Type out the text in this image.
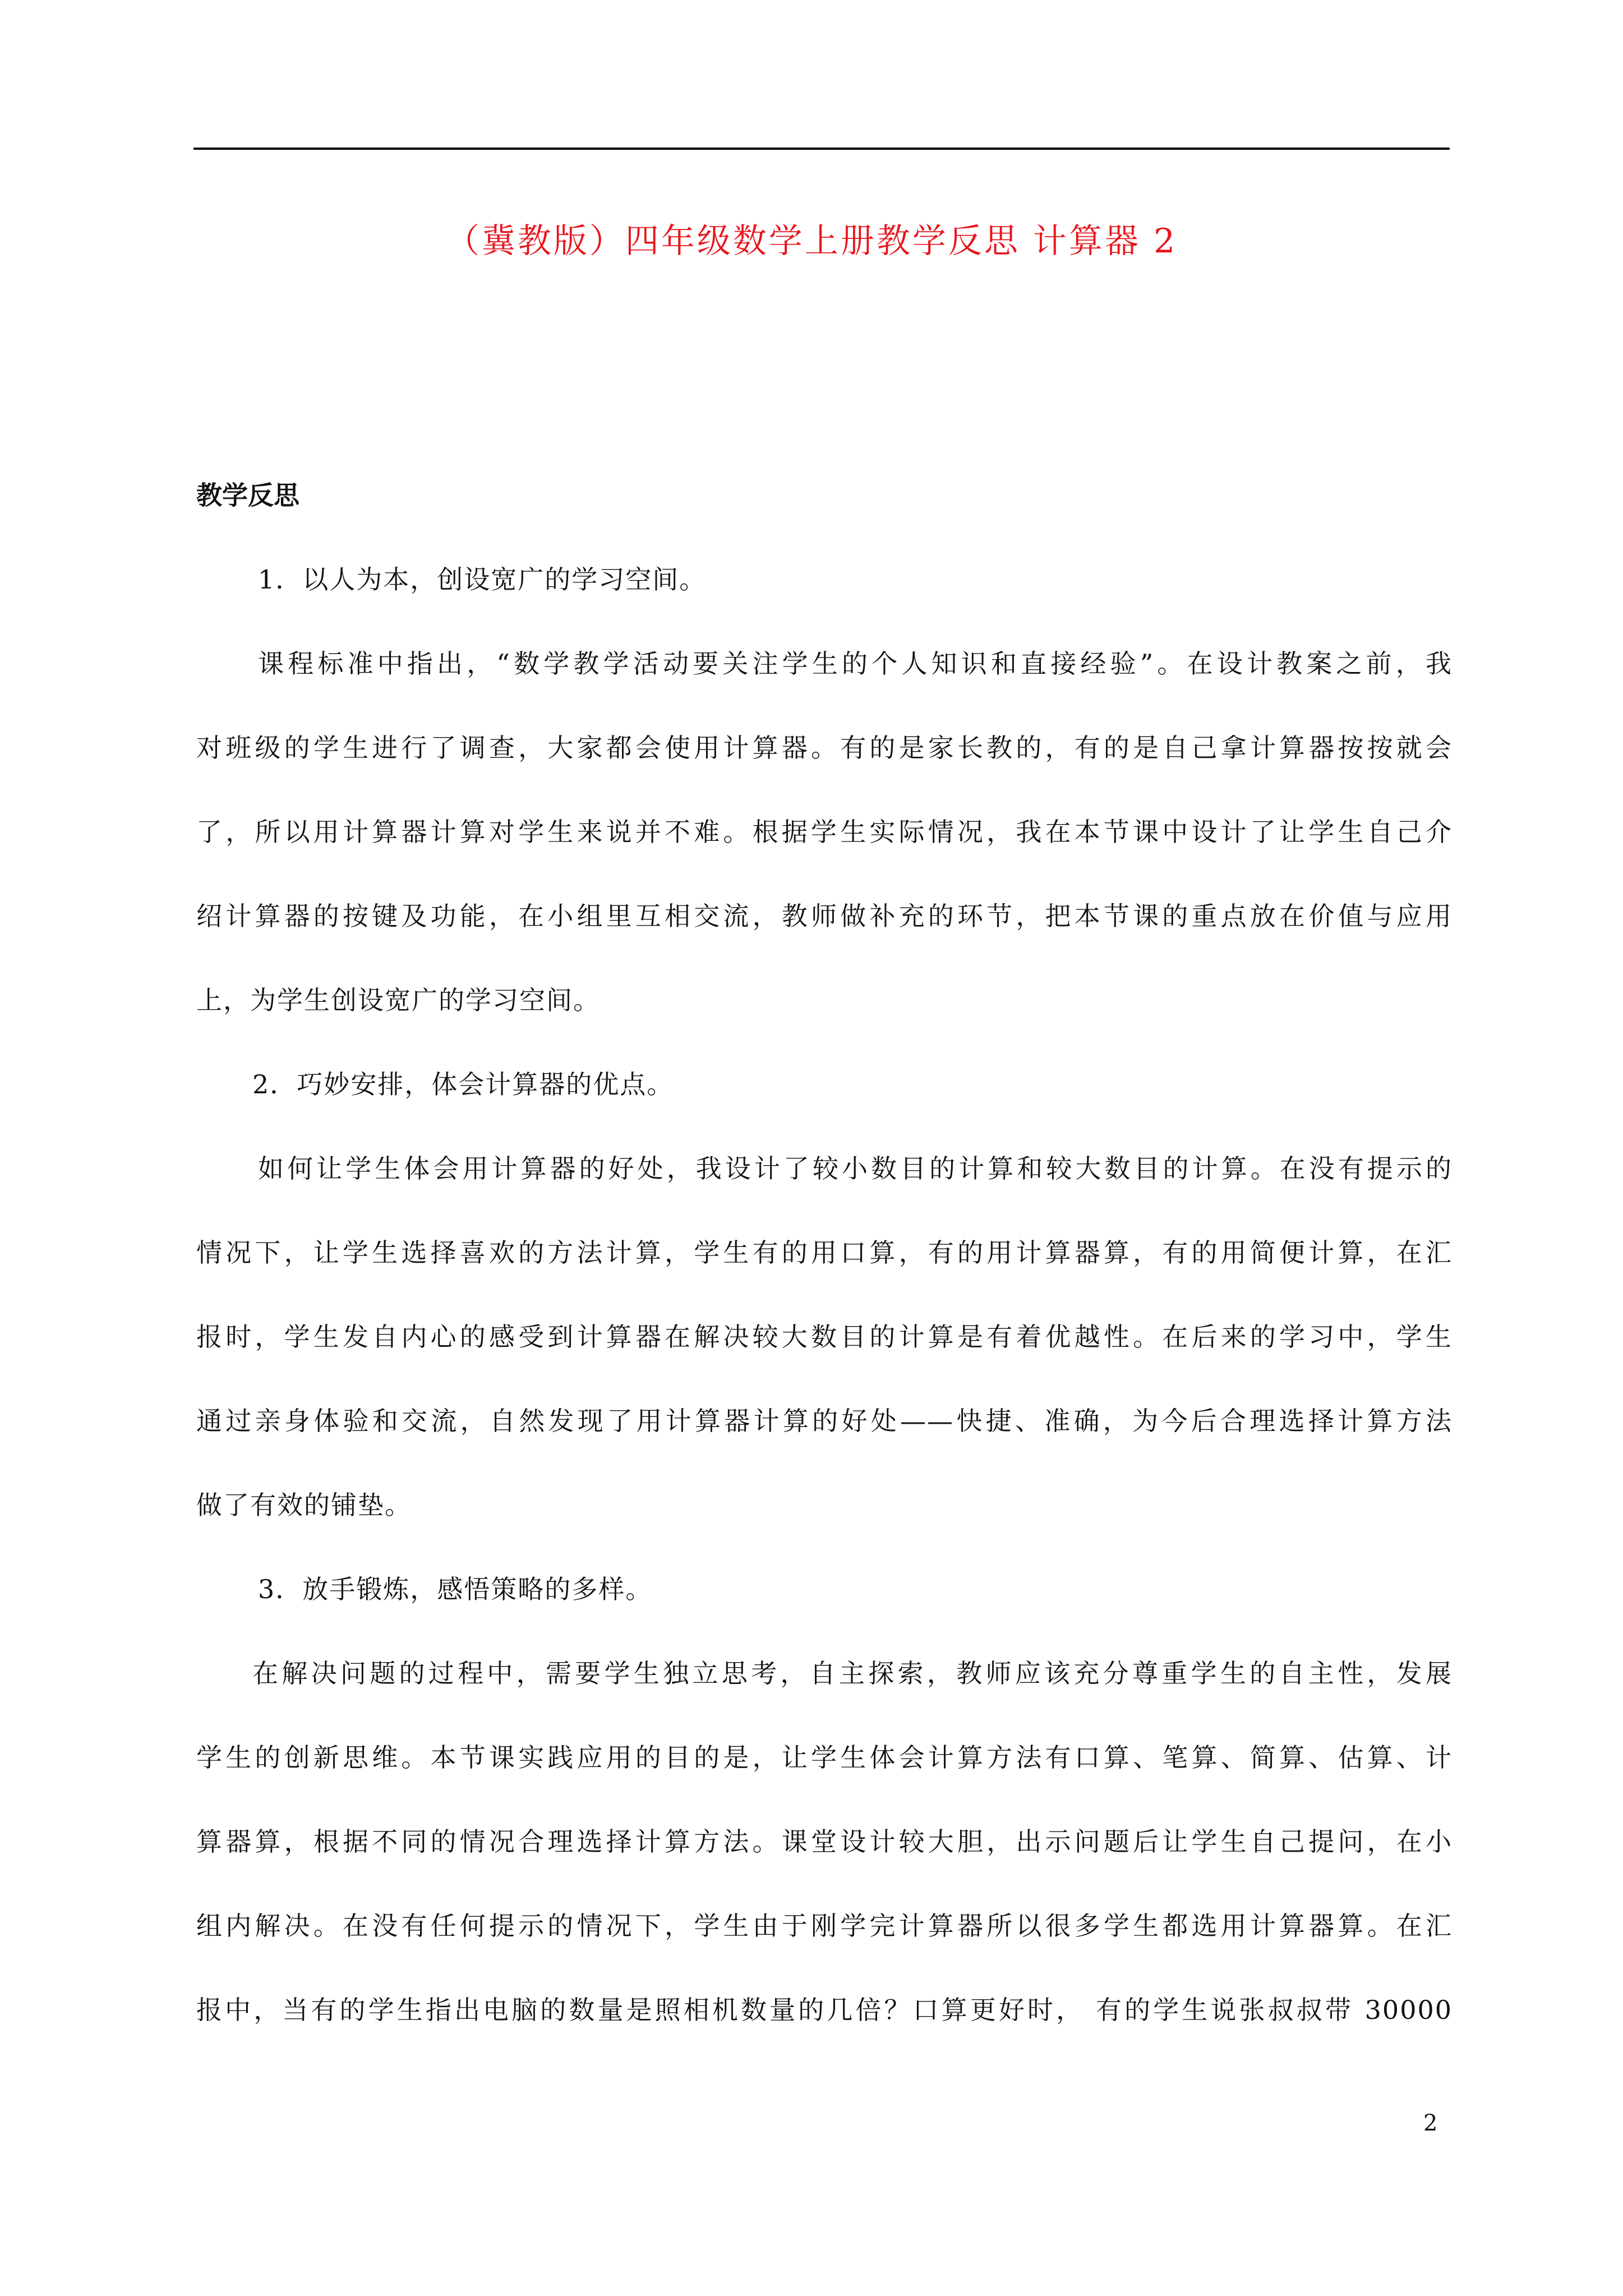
（冀教版）四年级数学上册教学反思 计算器 2
教学反思
1．以人为本，创设宽广的学习空间。
课程标准中指出，“数学教学活动要关注学生的个人知识和直接经验”。在设计教案之前，我
对班级的学生进行了调查，大家都会使用计算器。有的是家长教的，有的是自己拿计算器按按就会
了，所以用计算器计算对学生来说并不难。根据学生实际情况，我在本节课中设计了让学生自己介
绍计算器的按键及功能，在小组里互相交流，教师做补充的环节，把本节课的重点放在价值与应用
上，为学生创设宽广的学习空间。
2．巧妙安排，体会计算器的优点。
如何让学生体会用计算器的好处，我设计了较小数目的计算和较大数目的计算。在没有提示的
情况下，让学生选择喜欢的方法计算，学生有的用口算，有的用计算器算，有的用简便计算，在汇
报时，学生发自内心的感受到计算器在解决较大数目的计算是有着优越性。在后来的学习中，学生
通过亲身体验和交流，自然发现了用计算器计算的好处——快捷、准确，为今后合理选择计算方法
做了有效的铺垫。
3．放手锻炼，感悟策略的多样。
在解决问题的过程中，需要学生独立思考，自主探索，教师应该充分尊重学生的自主性，发展
学生的创新思维。本节课实践应用的目的是，让学生体会计算方法有口算、笔算、简算、估算、计
算器算，根据不同的情况合理选择计算方法。课堂设计较大胆，出示问题后让学生自己提问，在小
组内解决。在没有任何提示的情况下，学生由于刚学完计算器所以很多学生都选用计算器算。在汇
报中，当有的学生指出电脑的数量是照相机数量的几倍？口算更好时， 有的学生说张叔叔带 30000
2
